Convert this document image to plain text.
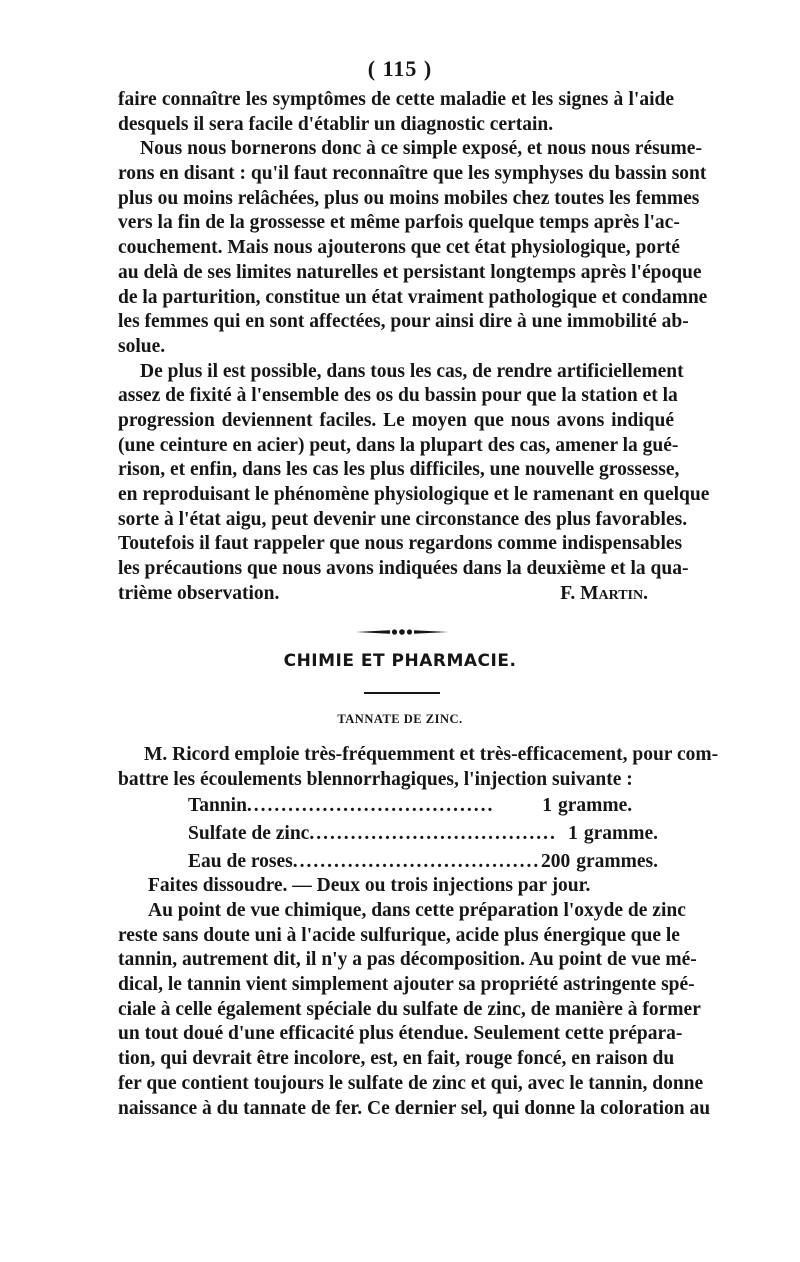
( 115 )
faire connaître les symptômes de cette maladie et les signes à l'aide
desquels il sera facile d'établir un diagnostic certain.
Nous nous bornerons donc à ce simple exposé, et nous nous résume-
rons en disant : qu'il faut reconnaître que les symphyses du bassin sont
plus ou moins relâchées, plus ou moins mobiles chez toutes les femmes
vers la fin de la grossesse et même parfois quelque temps après l'ac-
couchement. Mais nous ajouterons que cet état physiologique, porté
au delà de ses limites naturelles et persistant longtemps après l'époque
de la parturition, constitue un état vraiment pathologique et condamne
les femmes qui en sont affectées, pour ainsi dire à une immobilité ab-
solue.
De plus il est possible, dans tous les cas, de rendre artificiellement
assez de fixité à l'ensemble des os du bassin pour que la station et la
progression deviennent faciles. Le moyen que nous avons indiqué
(une ceinture en acier) peut, dans la plupart des cas, amener la gué-
rison, et enfin, dans les cas les plus difficiles, une nouvelle grossesse,
en reproduisant le phénomène physiologique et le ramenant en quelque
sorte à l'état aigu, peut devenir une circonstance des plus favorables.
Toutefois il faut rappeler que nous regardons comme indispensables
les précautions que nous avons indiquées dans la deuxième et la qua-
trième observation.	F. Martin.
CHIMIE ET PHARMACIE.
TANNATE DE ZINC.
M. Ricord emploie très-fréquemment et très-efficacement, pour com-
battre les écoulements blennorrhagiques, l'injection suivante :
Tannin ....................................	1 gramme.
Sulfate de zinc .................................... 1 gramme.
Eau de roses .................................... 200 grammes.
Faites dissoudre. — Deux ou trois injections par jour.
Au point de vue chimique, dans cette préparation l'oxyde de zinc
reste sans doute uni à l'acide sulfurique, acide plus énergique que le
tannin, autrement dit, il n'y a pas décomposition. Au point de vue mé-
dical, le tannin vient simplement ajouter sa propriété astringente spé-
ciale à celle également spéciale du sulfate de zinc, de manière à former
un tout doué d'une efficacité plus étendue. Seulement cette prépara-
tion, qui devrait être incolore, est, en fait, rouge foncé, en raison du
fer que contient toujours le sulfate de zinc et qui, avec le tannin, donne
naissance à du tannate de fer. Ce dernier sel, qui donne la coloration au
